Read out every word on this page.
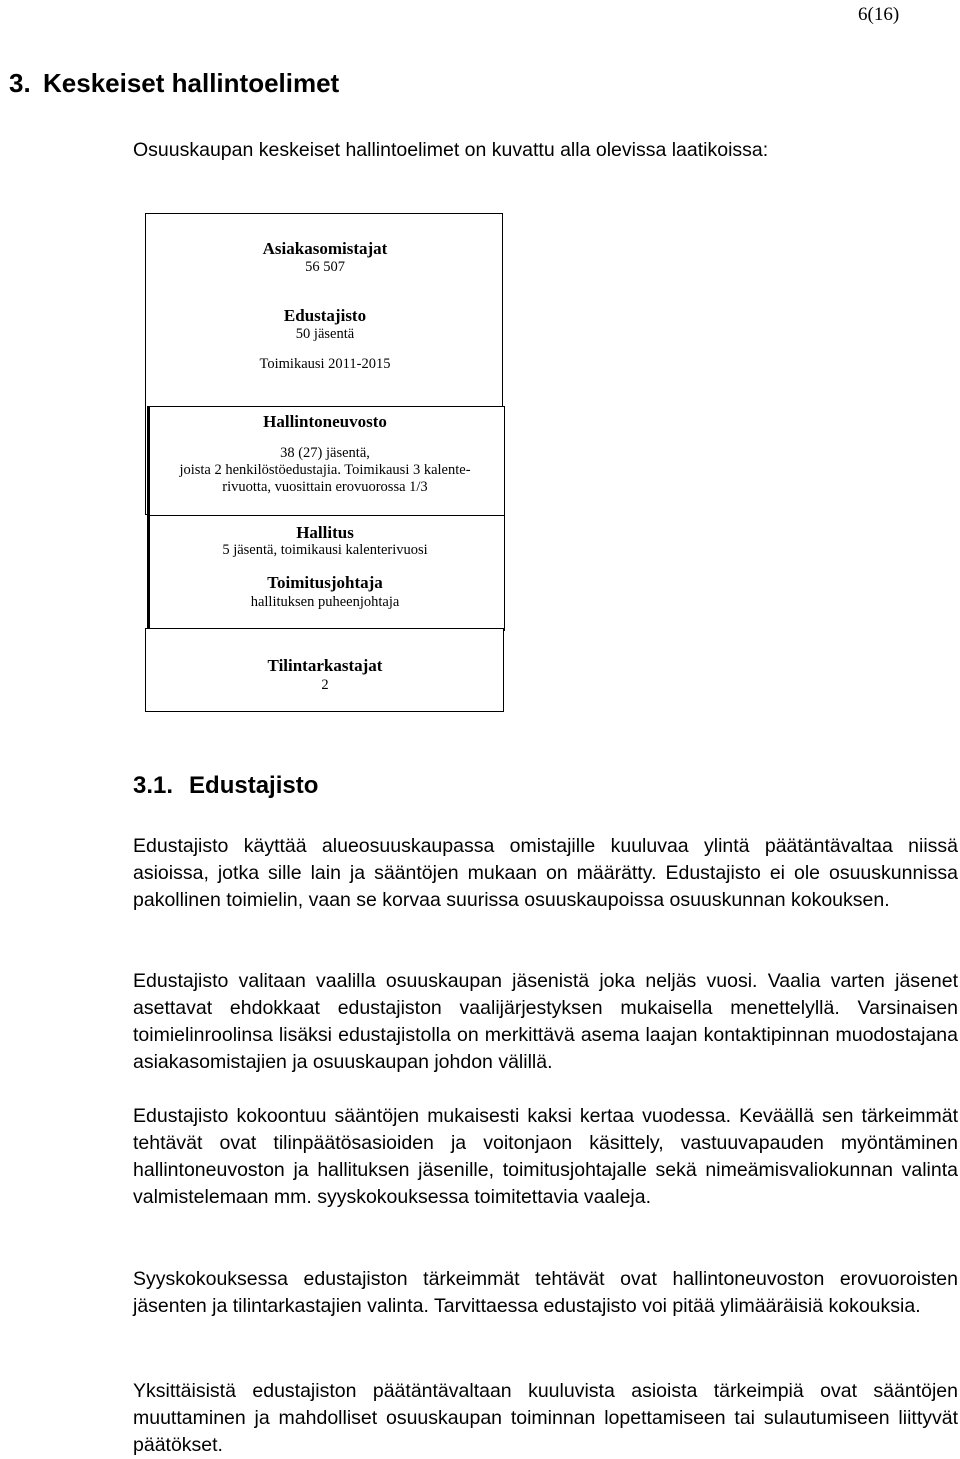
6(16)
3. Keskeiset hallintoelimet
Osuuskaupan keskeiset hallintoelimet on kuvattu alla olevissa laatikoissa:
Asiakasomistajat
56 507
Edustajisto
50 jäsentä
Toimikausi 2011-2015
Hallintoneuvosto
38 (27) jäsentä,
joista 2 henkilöstöedustajia. Toimikausi 3 kalente-
rivuotta, vuosittain erovuorossa 1/3
Hallitus
5 jäsentä, toimikausi kalenterivuosi
Toimitusjohtaja
hallituksen puheenjohtaja
Tilintarkastajat
2
3.1. Edustajisto

Edustajisto käyttää alueosuuskaupassa omistajille kuuluvaa ylintä päätäntävaltaa niissä asioissa, jotka sille lain ja sääntöjen mukaan on määrätty. Edustajisto ei ole osuuskunnissa pakollinen toimielin, vaan se korvaa suurissa osuuskaupoissa osuuskunnan kokouksen.

Edustajisto valitaan vaalilla osuuskaupan jäsenistä joka neljäs vuosi. Vaalia varten jäsenet asettavat ehdokkaat edustajiston vaalijärjestyksen mukaisella menettelyllä. Varsinaisen toimielinroolinsa lisäksi edustajistolla on merkittävä asema laajan kontaktipinnan muodostajana asiakasomistajien ja osuuskaupan johdon välillä.

Edustajisto kokoontuu sääntöjen mukaisesti kaksi kertaa vuodessa. Keväällä sen tärkeimmät tehtävät ovat tilinpäätösasioiden ja voitonjaon käsittely, vastuuvapauden myöntäminen hallintoneuvoston ja hallituksen jäsenille, toimitusjohtajalle sekä nimeämisvaliokunnan valinta valmistelemaan mm. syyskokouksessa toimitettavia vaaleja.

Syyskokouksessa edustajiston tärkeimmät tehtävät ovat hallintoneuvoston erovuoroisten jäsenten ja tilintarkastajien valinta. Tarvittaessa edustajisto voi pitää ylimääräisiä kokouksia.

Yksittäisistä edustajiston päätäntävaltaan kuuluvista asioista tärkeimpiä ovat sääntöjen muuttaminen ja mahdolliset osuuskaupan toiminnan lopettamiseen tai sulautumiseen liittyvät päätökset.
